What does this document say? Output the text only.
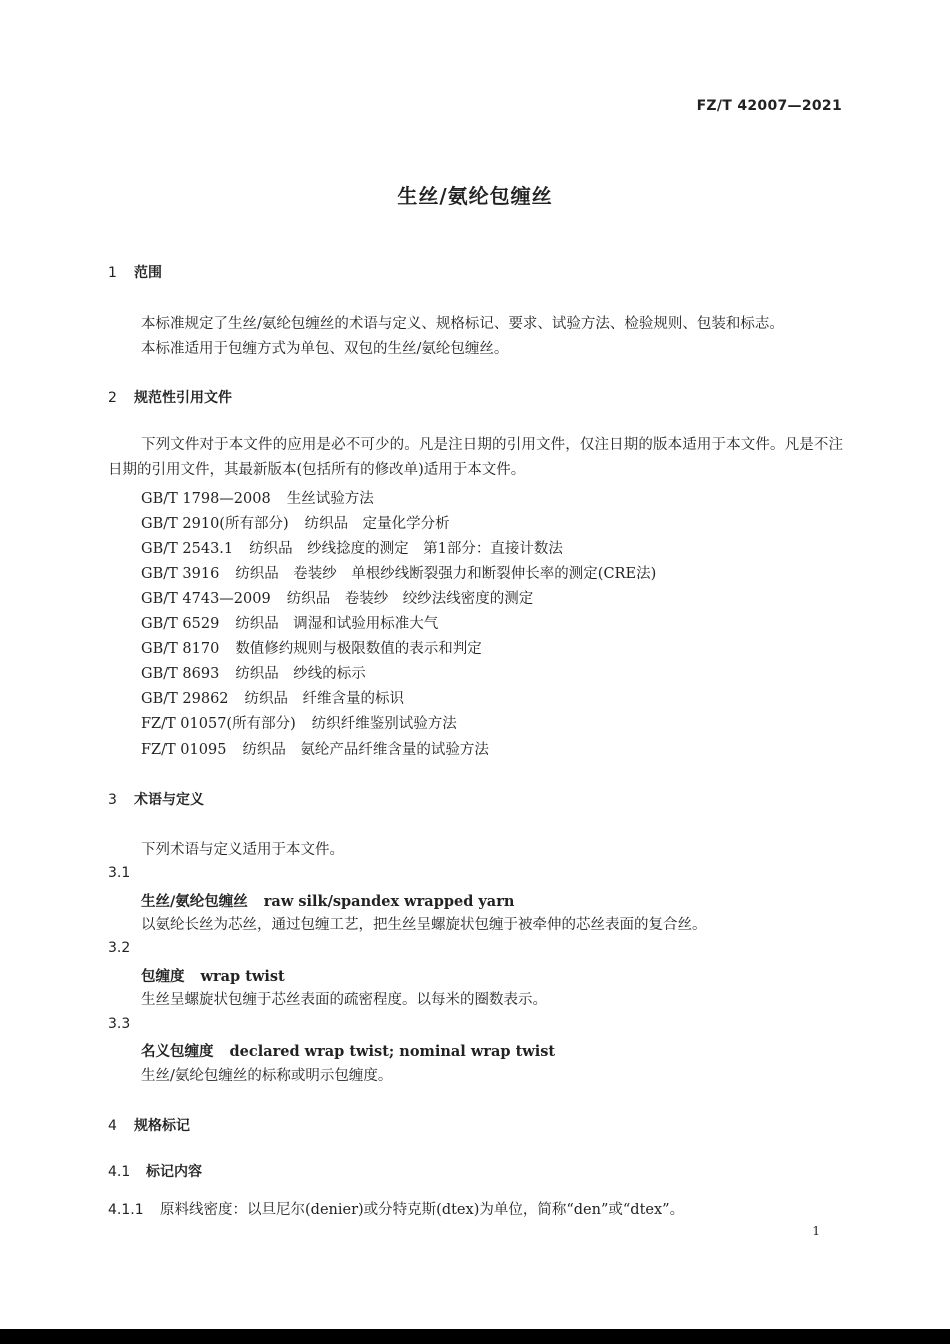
FZ/T 42007—2021
生丝/氨纶包缠丝
1 范围
本标准规定了生丝/氨纶包缠丝的术语与定义、规格标记、要求、试验方法、检验规则、包装和标志。
本标准适用于包缠方式为单包、双包的生丝/氨纶包缠丝。
2 规范性引用文件
下列文件对于本文件的应用是必不可少的。凡是注日期的引用文件，仅注日期的版本适用于本文件。凡是不注日期的引用文件，其最新版本(包括所有的修改单)适用于本文件。
GB/T 1798—2008 生丝试验方法
GB/T 2910(所有部分) 纺织品　定量化学分析
GB/T 2543.1 纺织品　纱线捻度的测定　第1部分：直接计数法
GB/T 3916 纺织品　卷装纱　单根纱线断裂强力和断裂伸长率的测定(CRE法)
GB/T 4743—2009 纺织品　卷装纱　绞纱法线密度的测定
GB/T 6529 纺织品　调湿和试验用标准大气
GB/T 8170 数值修约规则与极限数值的表示和判定
GB/T 8693 纺织品　纱线的标示
GB/T 29862 纺织品　纤维含量的标识
FZ/T 01057(所有部分) 纺织纤维鉴别试验方法
FZ/T 01095 纺织品　氨纶产品纤维含量的试验方法
3 术语与定义
下列术语与定义适用于本文件。
3.1
生丝/氨纶包缠丝 raw silk/spandex wrapped yarn
以氨纶长丝为芯丝，通过包缠工艺，把生丝呈螺旋状包缠于被牵伸的芯丝表面的复合丝。
3.2
包缠度 wrap twist
生丝呈螺旋状包缠于芯丝表面的疏密程度。以每米的圈数表示。
3.3
名义包缠度 declared wrap twist; nominal wrap twist
生丝/氨纶包缠丝的标称或明示包缠度。
4 规格标记
4.1 标记内容
4.1.1 原料线密度：以旦尼尔(denier)或分特克斯(dtex)为单位，简称“den”或“dtex”。
1
